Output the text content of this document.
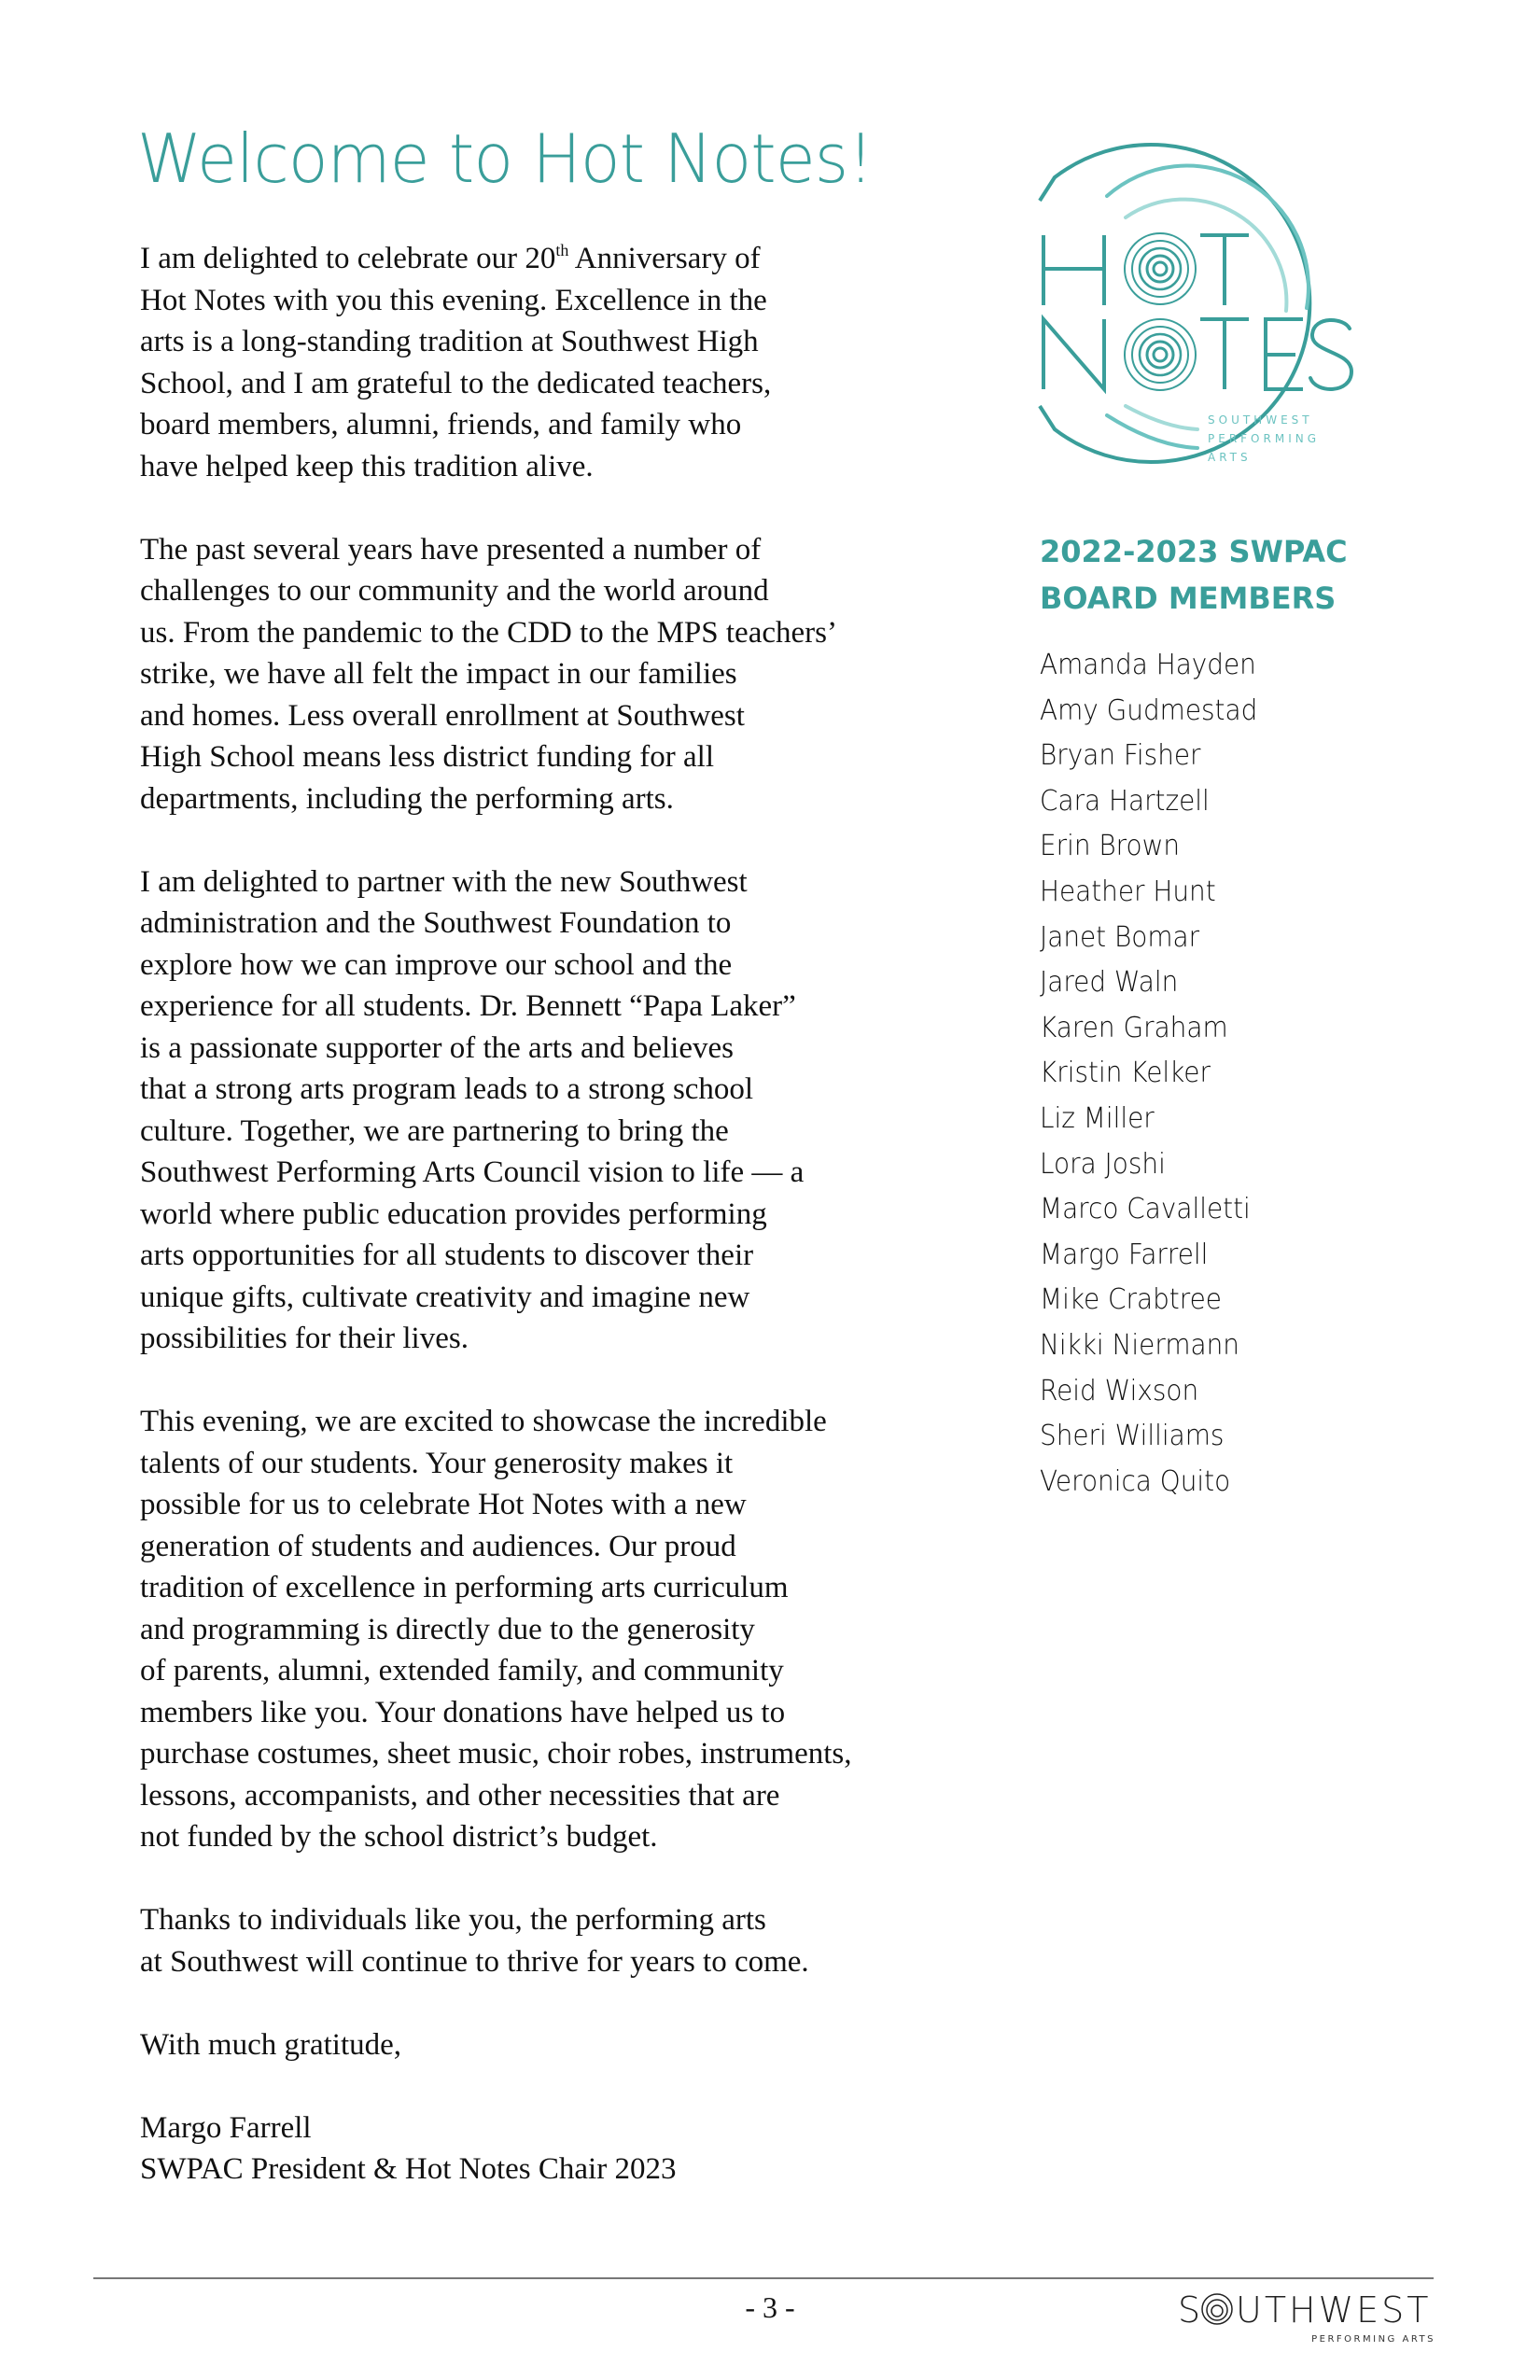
Welcome to Hot Notes!

I am delighted to celebrate our 20th Anniversary of
Hot Notes with you this evening. Excellence in the
arts is a long-standing tradition at Southwest High
School, and I am grateful to the dedicated teachers,
board members, alumni, friends, and family who
have helped keep this tradition alive.

The past several years have presented a number of
challenges to our community and the world around
us. From the pandemic to the CDD to the MPS teachers’
strike, we have all felt the impact in our families
and homes. Less overall enrollment at Southwest
High School means less district funding for all
departments, including the performing arts.

I am delighted to partner with the new Southwest
administration and the Southwest Foundation to
explore how we can improve our school and the
experience for all students. Dr. Bennett “Papa Laker”
is a passionate supporter of the arts and believes
that a strong arts program leads to a strong school
culture. Together, we are partnering to bring the
Southwest Performing Arts Council vision to life — a
world where public education provides performing
arts opportunities for all students to discover their
unique gifts, cultivate creativity and imagine new
possibilities for their lives.

This evening, we are excited to showcase the incredible
talents of our students. Your generosity makes it
possible for us to celebrate Hot Notes with a new
generation of students and audiences. Our proud
tradition of excellence in performing arts curriculum
and programming is directly due to the generosity
of parents, alumni, extended family, and community
members like you. Your donations have helped us to
purchase costumes, sheet music, choir robes, instruments,
lessons, accompanists, and other necessities that are
not funded by the school district’s budget.

Thanks to individuals like you, the performing arts
at Southwest will continue to thrive for years to come.

With much gratitude,

Margo Farrell
SWPAC President & Hot Notes Chair 2023

SOUTHWEST
PERFORMING
ARTS
2022-2023 SWPAC
BOARD MEMBERS
Amanda Hayden
Amy Gudmestad
Bryan Fisher
Cara Hartzell
Erin Brown
Heather Hunt
Janet Bomar
Jared Waln
Karen Graham
Kristin Kelker
Liz Miller
Lora Joshi
Marco Cavalletti
Margo Farrell
Mike Crabtree
Nikki Niermann
Reid Wixson
Sheri Williams
Veronica Quito
- 3 -	S UTHWEST
PERFORMING ARTS
